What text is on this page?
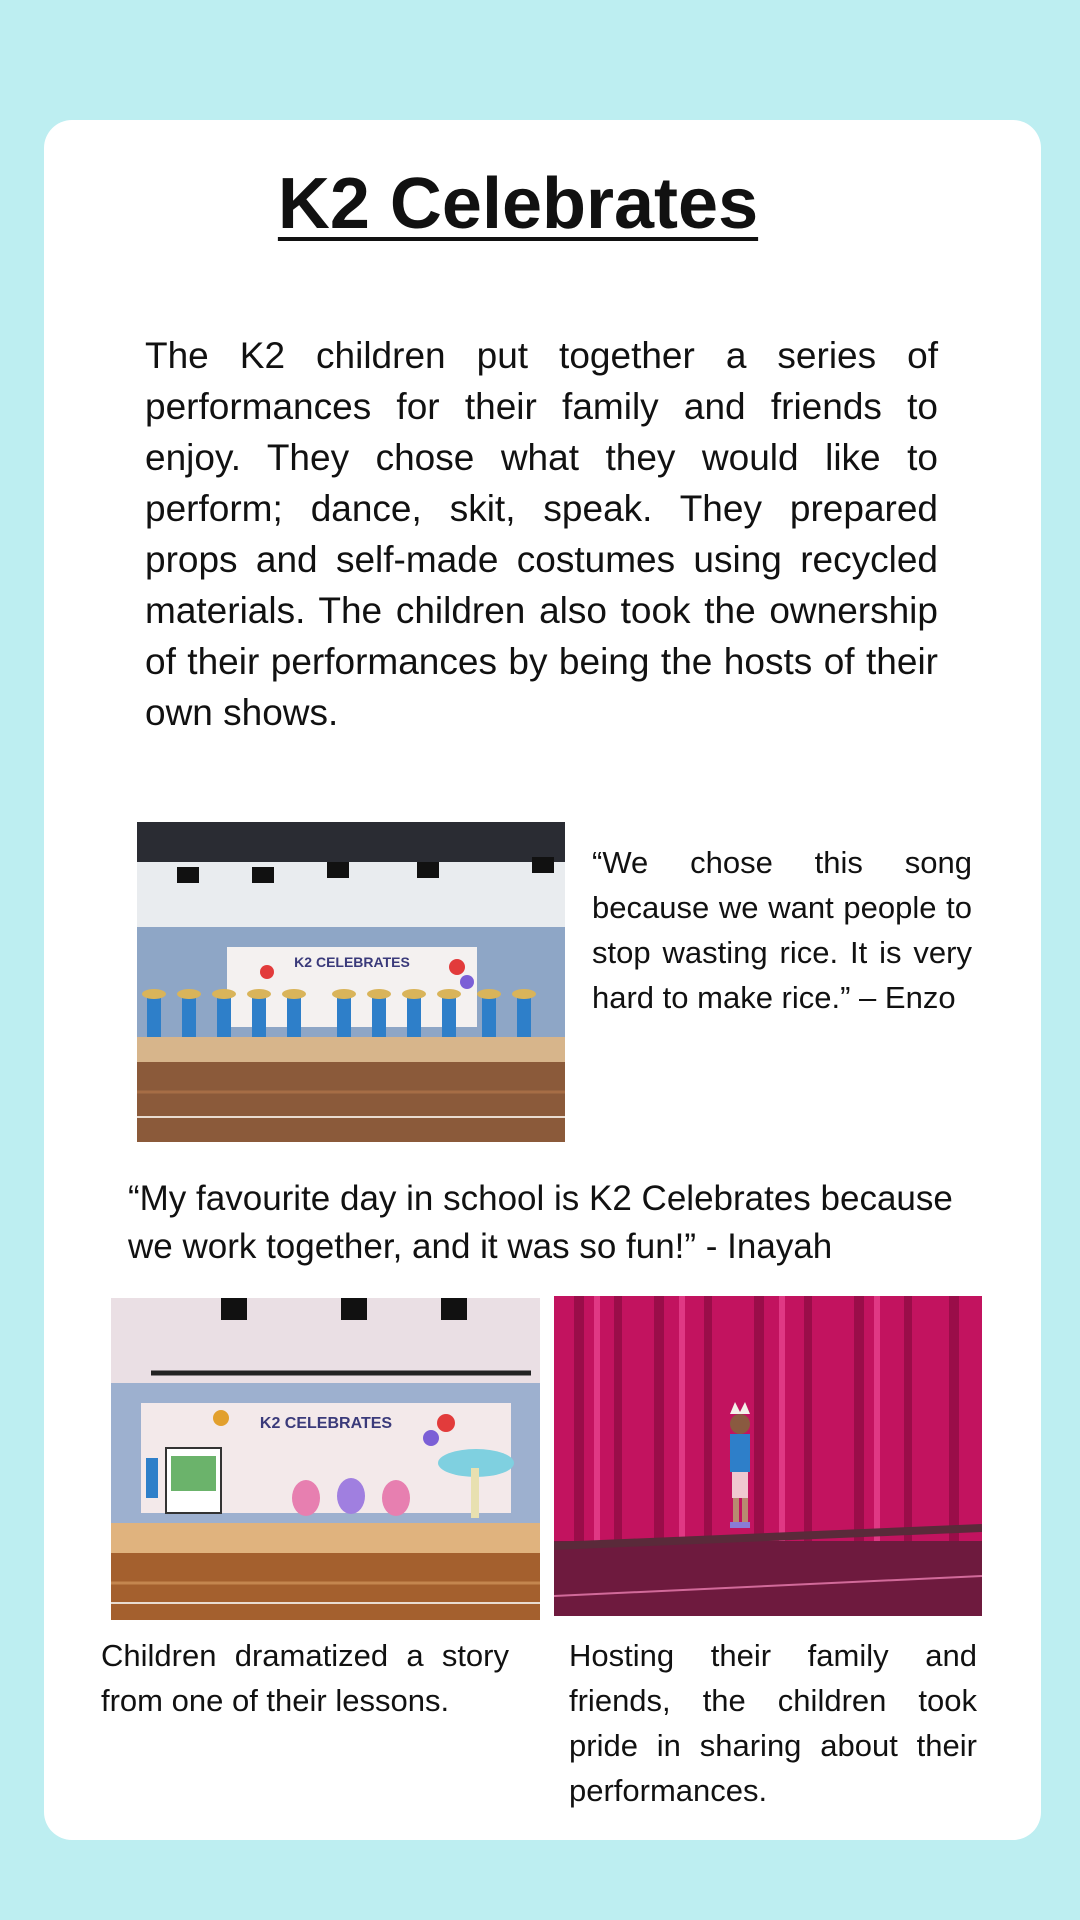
K2 Celebrates

The K2 children put together a series of performances for their family and friends to enjoy. They chose what they would like to perform; dance, skit, speak. They prepared props and self-made costumes using recycled materials. The children also took the ownership of their performances by being the hosts of their own shows.

K2 CELEBRATES

“We chose this song because we want people to stop wasting rice. It is very hard to make rice.” – Enzo

“My favourite day in school is K2 Celebrates because we work together, and it was so fun!” - Inayah

K2 CELEBRATES

Children dramatized a story from one of their lessons.

Hosting their family and friends, the children took pride in sharing about their performances.
